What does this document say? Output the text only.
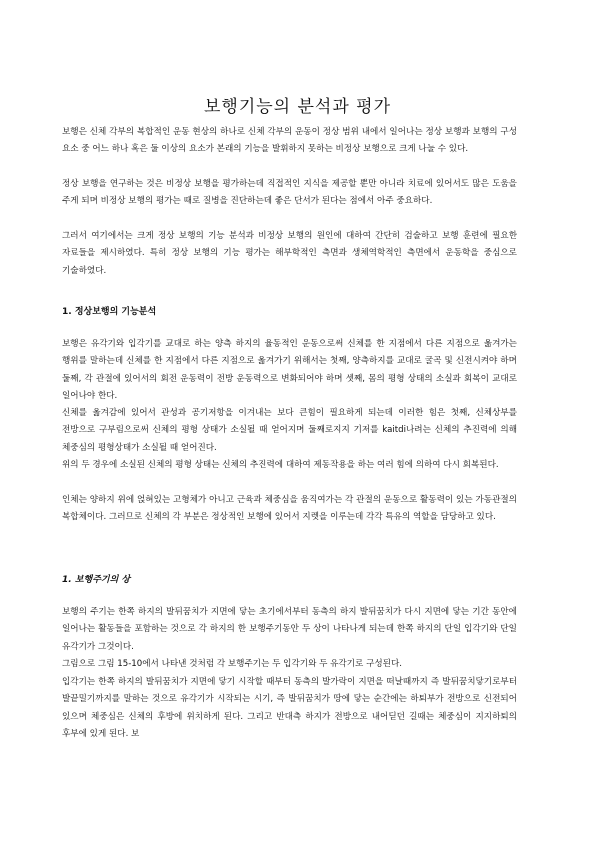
보행기능의 분석과 평가

보행은 신체 각부의 복합적인 운동 현상의 하나로 신체 각부의 운동이 정상 범위 내에서 일어나는 정상 보행과 보행의 구성 요소 중 어느 하나 혹은 둘 이상의 요소가 본래의 기능을 발휘하지 못하는 비정상 보행으로 크게 나눌 수 있다.

정상 보행을 연구하는 것은 비정상 보행을 평가하는데 직접적인 지식을 제공할 뿐만 아니라 치료에 있어서도 많은 도움을 주게 되며 비정상 보행의 평가는 때로 질병을 진단하는데 좋은 단서가 된다는 점에서 아주 중요하다.

그러서 여기에서는 크게 정상 보행의 기능 분석과 비정상 보행의 원인에 대하여 간단히 검술하고 보행 훈련에 필요한 자료들을 제시하였다. 특히 정상 보행의 기능 평가는 해부학적인 측면과 생체역학적인 측면에서 운동학을 중심으로 기술하였다.

1. 정상보행의 기능분석

보행은 유각기와 입각기를 교대로 하는 양측 하지의 율동적인 운동으로써 신체를 한 지점에서 다른 지점으로 옮겨가는 행위를 말하는데 신체를 한 지점에서 다른 지점으로 옮겨가기 위해서는 첫째, 양측하지를 교대로 굴곡 및 신전시켜야 하며 둘째, 각 관절에 있어서의 회전 운동력이 전방 운동력으로 변화되어야 하며 셋째, 몸의 평형 상태의 소실과 회복이 교대로 일어나야 한다.

신체를 옮겨감에 있어서 관성과 공기저항을 이겨내는 보다 큰힘이 필요하게 되는데 이러한 힘은 첫째, 신체상부를 전방으로 구부림으로써 신체의 평형 상태가 소실될 때 얻어지며 둘째로지지 기저를 kaitdi나려는 신체의 추진력에 의해 체중심의 평형상태가 소실될 때 얻어진다.

위의 두 경우에 소실된 신체의 평형 상태는 신체의 추진력에 대하여 제동작용을 하는 여러 힘에 의하여 다시 회복된다.

인체는 양하지 위에 얹혀있는 고형체가 아니고 근육과 체중심을 움직여가는 각 관절의 운동으로 활동력이 있는 가동관절의 복합체이다. 그러므로 신체의 각 부분은 정상적인 보행에 있어서 지렛을 이루는데 각각 특유의 역할을 담당하고 있다.

1. 보행주기의 상

보행의 주기는 한쪽 하지의 발뒤꿈치가 지면에 닿는 초기에서부터 동측의 하지 발뒤꿈치가 다시 지면에 닿는 기간 동안에 일어나는 활동들을 포함하는 것으로 각 하지의 한 보행주기동안 두 상이 나타나게 되는데 한쪽 하지의 단일 입각기와 단일 유각기가 그것이다.

그림으로 그림 15-10에서 나타낸 것처럼 각 보행주기는 두 입각기와 두 유각기로 구성된다.

입각기는 한쪽 하지의 발뒤꿈치가 지면에 닿기 시작할 때부터 동측의 발가락이 지면을 떠날때까지 즉 발뒤꿈치닿기로부터 발끝밀기까지를 말하는 것으로 유각기가 시작되는 시기, 즉 발뒤꿈치가 땅에 닿는 순간에는 하퇴부가 전방으로 신전되어 있으며 체중심은 신체의 후방에 위치하게 된다. 그리고 반대측 하지가 전방으로 내어딛던 길때는 체중심이 지지하퇴의 후부에 있게 된다. 보
